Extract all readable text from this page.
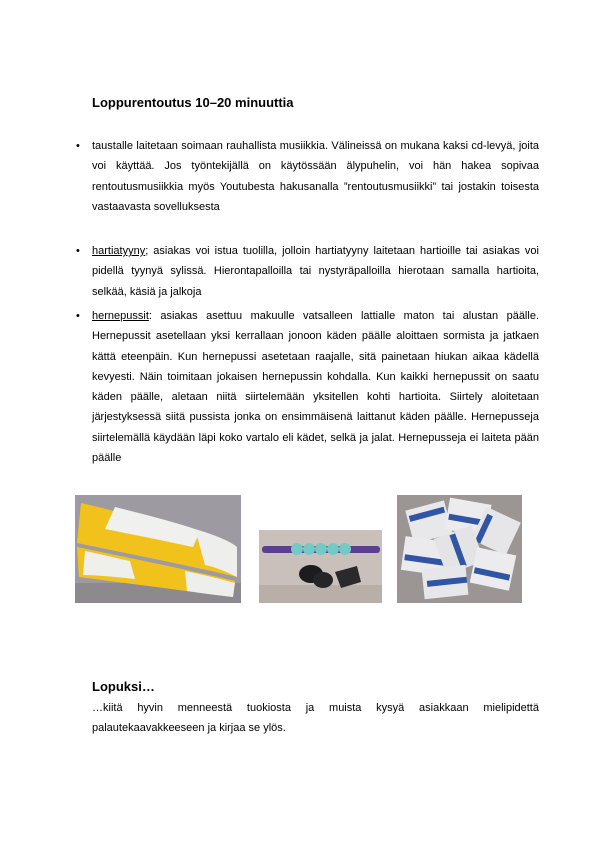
Loppurentoutus 10–20 minuuttia
• taustalle laitetaan soimaan rauhallista musiikkia. Välineissä on mukana kaksi cd-levyä, joita voi käyttää. Jos työntekijällä on käytössään älypuhelin, voi hän hakea sopivaa rentoutusmusiikkia myös Youtubesta hakusanalla ”rentoutusmusiikki” tai jostakin toisesta vastaavasta sovelluksesta
• hartiatyyny; asiakas voi istua tuolilla, jolloin hartiatyyny laitetaan hartioille tai asiakas voi pidellä tyynyä sylissä. Hierontapalloilla tai nystyräpalloilla hierotaan samalla hartioita, selkää, käsiä ja jalkoja
• hernepussit: asiakas asettuu makuulle vatsalleen lattialle maton tai alustan päälle. Hernepussit asetellaan yksi kerrallaan jonoon käden päälle aloittaen sormista ja jatkaen kättä eteenpäin. Kun hernepussi asetetaan raajalle, sitä painetaan hiukan aikaa kädellä kevyesti. Näin toimitaan jokaisen hernepussin kohdalla. Kun kaikki hernepussit on saatu käden päälle, aletaan niitä siirtelemään yksitellen kohti hartioita. Siirtely aloitetaan järjestyksessä siitä pussista jonka on ensimmäisenä laittanut käden päälle. Hernepusseja siirtelemällä käydään läpi koko vartalo eli kädet, selkä ja jalat. Hernepusseja ei laiteta pään päälle
Lopuksi…
…kiitä hyvin menneestä tuokiosta ja muista kysyä asiakkaan mielipidettä palautekaavakkeeseen ja kirjaa se ylös.
